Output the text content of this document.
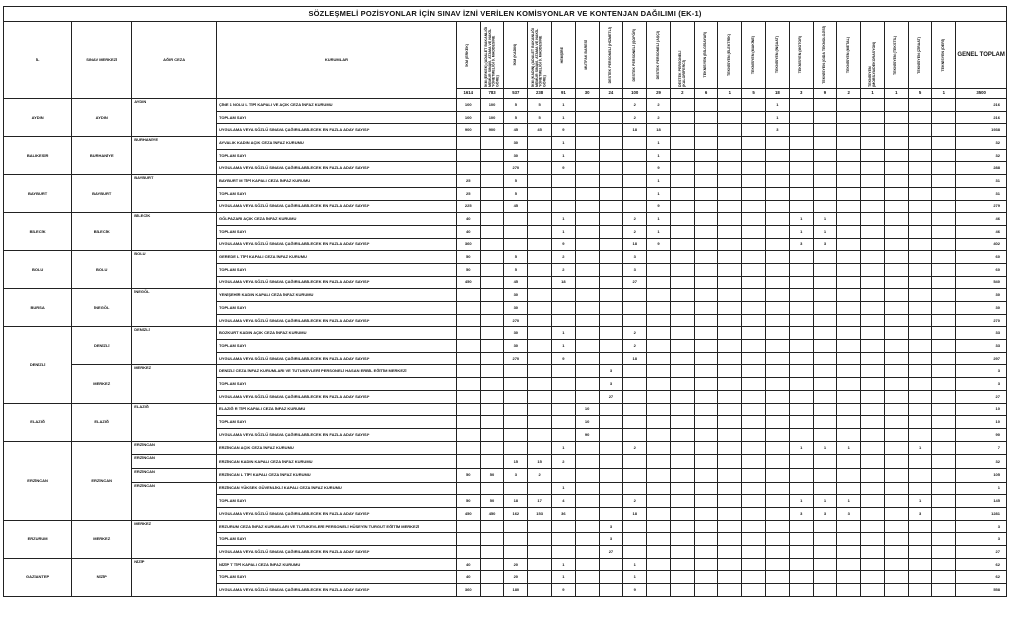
SÖZLEŞMELİ POZİSYONLAR İÇİN SINAV İZNİ VERİLEN KOMİSYONLAR VE KONTENJAN DAĞILIMI (EK-1)																									
İL	SINAV MERKEZİ	AĞIR CEZA	KURUMLAR	İKM (ERKEK)	İKM (ERKEK) (ADALET BAKANLIĞI MEMUR SINAVI, ATAMA VE NAKİL YÖNETMELİĞİ 9. MADDESİNE GÖRE)	İKM (KADIN)	İKM (KADIN) (ADALET BAKANLIĞI MEMUR SINAVI, ATAMA VE NAKİL YÖNETMELİĞİ 9. MADDESİNE GÖRE)	HEMŞİRE	MUTFAK BARESİ	DESTEK PERSONELİ (HİZMETLİ)	DESTEK PERSONELİ (ŞOFÖR)	DESTEK PERSONELİ (AŞÇI)	DESTEK PERSONELİ (KALORİFERCİ)	TEKNİSYEN (BİLGİSAYAR)	TEKNİSYEN (ELEKTRİK)	TEKNİSYEN (MAKİNE)	TEKNİSYEN (İNŞAAT)	TEKNİSYEN (MOTOR)	TEKNİSYEN (GIDA TEKNOLOJİSİ)	TEKNİSYEN (METAL)	TEKNİSYEN (MOBİLYA/DEKORASYON)	TEKNİSYEN (TEKSTİL)	TEKNİSYEN (ZİRAAT)	TEKNİSYEN (DERİ)	GENEL TOPLAM
				1614	783	537	238	91	30	24	100	29	2	6	1	5	18	3	9	2	1	1	5	1	3500
AYDIN	AYDIN	AYDIN	ÇİNE 1 NOLU L TİPİ KAPALI VE AÇIK CEZA İNFAZ KURUMU	100	100	5	5	1			2	2					1								216
			TOPLAM SAYI	100	100	5	5	1			2	2					1								216
			UYGULAMA VEYA SÖZLÜ SINAVA ÇAĞIRILABİLECEK EN FAZLA ADAY SAYISI*	900	900	45	45	9			18	18					3								1938
BALIKESİR	BURHANİYE	BURHANİYE	AYVALIK KADIN AÇIK CEZA İNFAZ KURUMU			30		1				1													32
			TOPLAM SAYI			30		1				1													32
			UYGULAMA VEYA SÖZLÜ SINAVA ÇAĞIRILABİLECEK EN FAZLA ADAY SAYISI*			270		9				9													288
BAYBURT	BAYBURT	BAYBURT	BAYBURT M TİPİ KAPALI CEZA İNFAZ KURUMU	25		5						1													31
			TOPLAM SAYI	25		5						1													31
			UYGULAMA VEYA SÖZLÜ SINAVA ÇAĞIRILABİLECEK EN FAZLA ADAY SAYISI*	225		45						9													279
BİLECİK	BİLECİK	BİLECİK	GÖLPAZARI AÇIK CEZA İNFAZ KURUMU	40				1			2	1						1	1						46
			TOPLAM SAYI	40				1			2	1						1	1						46
			UYGULAMA VEYA SÖZLÜ SINAVA ÇAĞIRILABİLECEK EN FAZLA ADAY SAYISI*	360				9			18	9						3	3						402
BOLU	BOLU	BOLU	GEREDE L TİPİ KAPALI CEZA İNFAZ KURUMU	50		5		2			3														60
			TOPLAM SAYI	50		5		2			3														60
			UYGULAMA VEYA SÖZLÜ SINAVA ÇAĞIRILABİLECEK EN FAZLA ADAY SAYISI*	450		45		18			27														540
BURSA	İNEGÖL	İNEGÖL	YENİŞEHİR KADIN KAPALI CEZA İNFAZ KURUMU			30																			30
			TOPLAM SAYI			30																			30
			UYGULAMA VEYA SÖZLÜ SINAVA ÇAĞIRILABİLECEK EN FAZLA ADAY SAYISI*			270																			270
DENİZLİ	DENİZLİ	DENİZLİ	BOZKURT KADIN AÇIK CEZA İNFAZ KURUMU			30		1			2														33
			TOPLAM SAYI			30		1			2														33
			UYGULAMA VEYA SÖZLÜ SINAVA ÇAĞIRILABİLECEK EN FAZLA ADAY SAYISI*			270		9			18														297
	MERKEZ	MERKEZ	DENİZLİ CEZA İNFAZ KURUMLARI VE TUTUKEVLERİ PERSONELİ HASAN ERBİL EĞİTİM MERKEZİ							3															3
			TOPLAM SAYI							3															3
			UYGULAMA VEYA SÖZLÜ SINAVA ÇAĞIRILABİLECEK EN FAZLA ADAY SAYISI*							27															27
ELAZIĞ	ELAZIĞ	ELAZIĞ	ELAZIĞ R TİPİ KAPALI CEZA İNFAZ KURUMU						10																10
			TOPLAM SAYI						10																10
			UYGULAMA VEYA SÖZLÜ SINAVA ÇAĞIRILABİLECEK EN FAZLA ADAY SAYISI*						90																90
ERZİNCAN	ERZİNCAN	ERZİNCAN	ERZİNCAN AÇIK CEZA İNFAZ KURUMU					1			2							1	1	1			1		7
		ERZİNCAN	ERZİNCAN KADIN KAPALI CEZA İNFAZ KURUMU			15	15	2																	32
		ERZİNCAN	ERZİNCAN L TİPİ KAPALI CEZA İNFAZ KURUMU	50	50	3	2																		105
		ERZİNCAN	ERZİNCAN YÜKSEK GÜVENLİKLİ KAPALI CEZA İNFAZ KURUMU					1																	1
			TOPLAM SAYI	50	50	18	17	4			2							1	1	1			1		145
			UYGULAMA VEYA SÖZLÜ SINAVA ÇAĞIRILABİLECEK EN FAZLA ADAY SAYISI*	450	450	162	153	36			18							3	3	3			3		1281
ERZURUM	MERKEZ	MERKEZ	ERZURUM CEZA İNFAZ KURUMLARI VE TUTUKEVLERİ PERSONELİ HÜSEYİN TURGUT EĞİTİM MERKEZİ							3															3
			TOPLAM SAYI							3															3
			UYGULAMA VEYA SÖZLÜ SINAVA ÇAĞIRILABİLECEK EN FAZLA ADAY SAYISI*							27															27
GAZİANTEP	NİZİP	NİZİP	NİZİP T TİPİ KAPALI CEZA İNFAZ KURUMU	40		20		1			1														62
			TOPLAM SAYI	40		20		1			1														62
			UYGULAMA VEYA SÖZLÜ SINAVA ÇAĞIRILABİLECEK EN FAZLA ADAY SAYISI*	360		180		9			9														558
